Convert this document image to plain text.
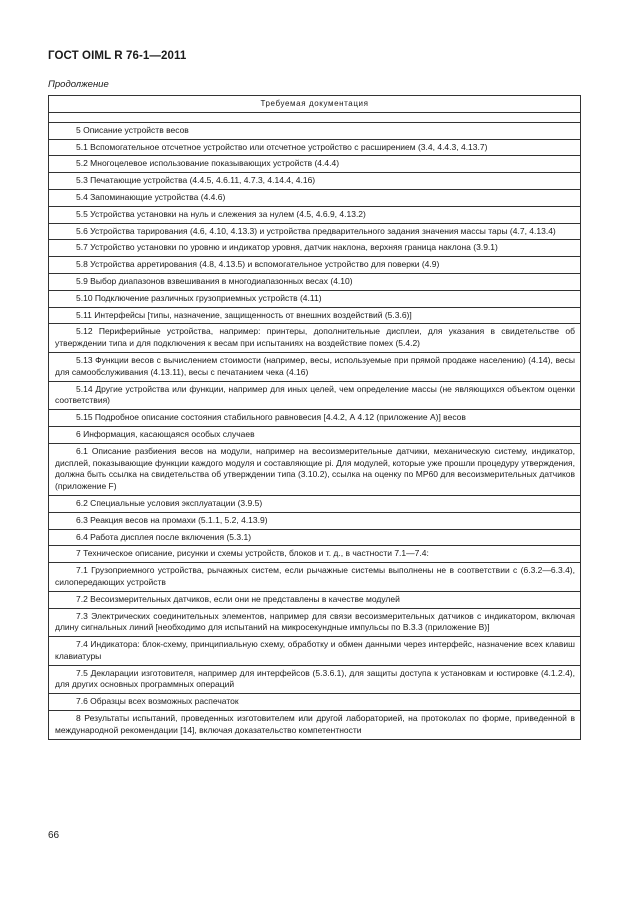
ГОСТ OIML R 76-1—2011
Продолжение
Требуемая документация

5 Описание устройств весов
5.1 Вспомогательное отсчетное устройство или отсчетное устройство с расширением (3.4, 4.4.3, 4.13.7)
5.2 Многоцелевое использование показывающих устройств (4.4.4)
5.3 Печатающие устройства (4.4.5, 4.6.11, 4.7.3, 4.14.4, 4.16)
5.4 Запоминающие устройства (4.4.6)
5.5 Устройства установки на нуль и слежения за нулем (4.5, 4.6.9, 4.13.2)
5.6 Устройства тарирования (4.6, 4.10, 4.13.3) и устройства предварительного задания значения массы тары (4.7, 4.13.4)
5.7 Устройство установки по уровню и индикатор уровня, датчик наклона, верхняя граница наклона (3.9.1)
5.8 Устройства арретирования (4.8, 4.13.5) и вспомогательное устройство для поверки (4.9)
5.9 Выбор диапазонов взвешивания в многодиапазонных весах (4.10)
5.10 Подключение различных грузоприемных устройств (4.11)
5.11 Интерфейсы [типы, назначение, защищенность от внешних воздействий (5.3.6)]
5.12 Периферийные устройства, например: принтеры, дополнительные дисплеи, для указания в свидетельстве об утверждении типа и для подключения к весам при испытаниях на воздействие помех (5.4.2)
5.13 Функции весов с вычислением стоимости (например, весы, используемые при прямой продаже населению) (4.14), весы для самообслуживания (4.13.11), весы с печатанием чека (4.16)
5.14 Другие устройства или функции, например для иных целей, чем определение массы (не являющихся объектом оценки соответствия)
5.15 Подробное описание состояния стабильного равновесия [4.4.2, А 4.12 (приложение А)] весов
6 Информация, касающаяся особых случаев
6.1 Описание разбиения весов на модули, например на весоизмерительные датчики, механическую систему, индикатор, дисплей, показывающие функции каждого модуля и составляющие pi. Для модулей, которые уже прошли процедуру утверждения, должна быть ссылка на свидетельства об утверждении типа (3.10.2), ссылка на оценку по МР60 для весоизмерительных датчиков (приложение F)
6.2 Специальные условия эксплуатации (3.9.5)
6.3 Реакция весов на промахи (5.1.1, 5.2, 4.13.9)
6.4 Работа дисплея после включения (5.3.1)
7 Техническое описание, рисунки и схемы устройств, блоков и т. д., в частности 7.1—7.4:
7.1 Грузоприемного устройства, рычажных систем, если рычажные системы выполнены не в соответствии с (6.3.2—6.3.4), силопередающих устройств
7.2 Весоизмерительных датчиков, если они не представлены в качестве модулей
7.3 Электрических соединительных элементов, например для связи весоизмерительных датчиков с индикатором, включая длину сигнальных линий [необходимо для испытаний на микросекундные импульсы по В.3.3 (приложение В)]
7.4 Индикатора: блок-схему, принципиальную схему, обработку и обмен данными через интерфейс, назначение всех клавиш клавиатуры
7.5 Декларации изготовителя, например для интерфейсов (5.3.6.1), для защиты доступа к установкам и юстировке (4.1.2.4), для других основных программных операций
7.6 Образцы всех возможных распечаток
8 Результаты испытаний, проведенных изготовителем или другой лабораторией, на протоколах по форме, приведенной в международной рекомендации [14], включая доказательство компетентности
66
